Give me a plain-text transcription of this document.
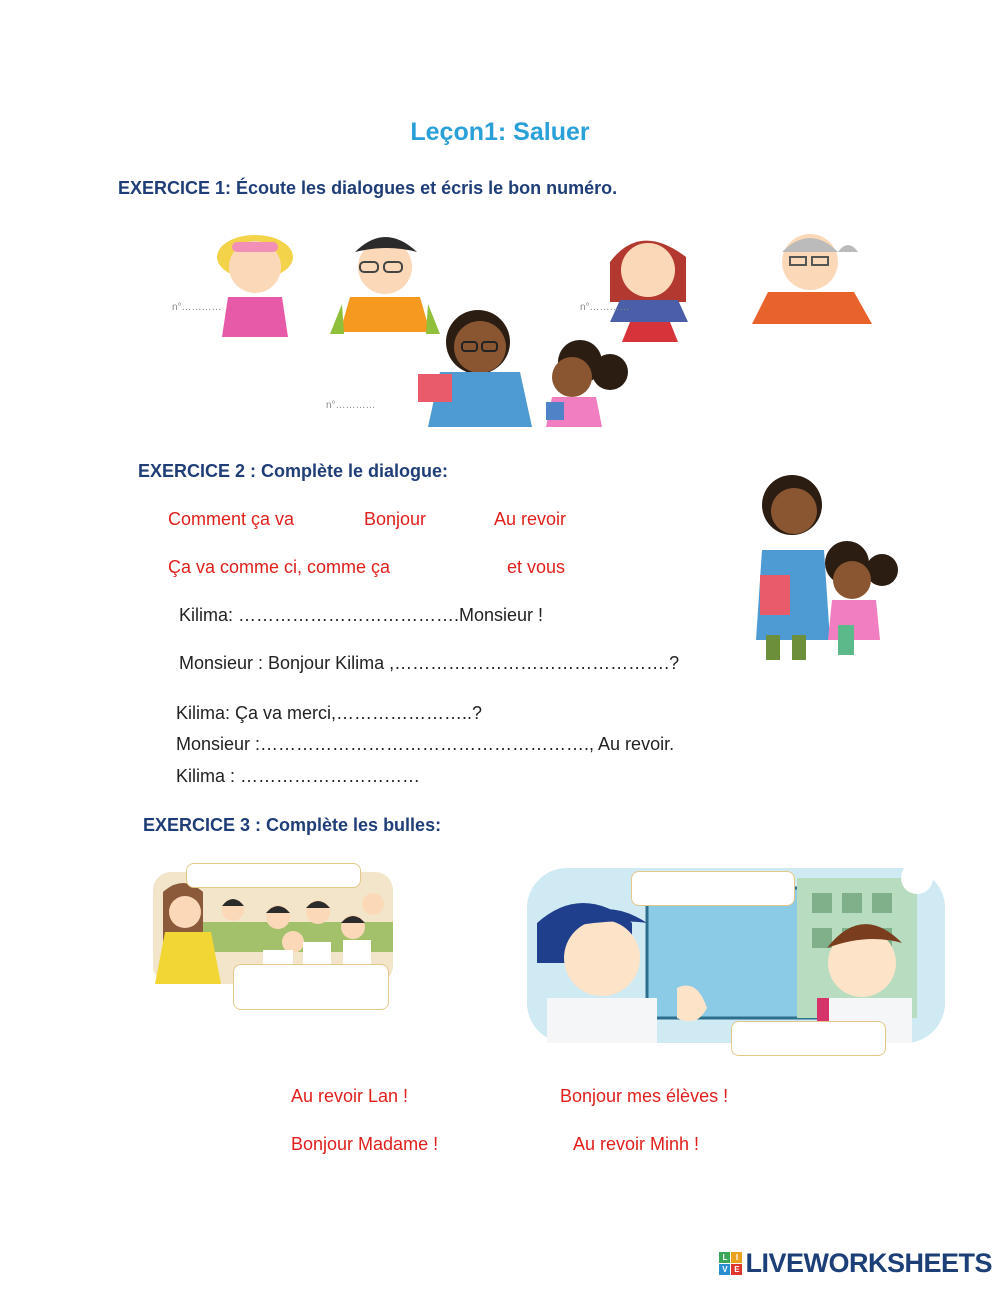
Leçon1: Saluer
EXERCICE 1: Écoute les dialogues et écris le bon numéro.
n°…………	n°…………
n°…………
EXERCICE 2 : Complète le dialogue:
Comment ça va	Bonjour	Au revoir
Ça va comme ci, comme ça	et vous
Kilima: ……………………………….Monsieur !
Monsieur : Bonjour Kilima ,……………………………………….?
Kilima: Ça va merci,…………………..?
Monsieur :………………………………………………., Au revoir.
Kilima : …………………………
EXERCICE 3 : Complète les bulles:
Au revoir Lan !	Bonjour mes élèves !
Bonjour Madame !	Au revoir Minh !
L	I
V E LIVEWORKSHEETS
